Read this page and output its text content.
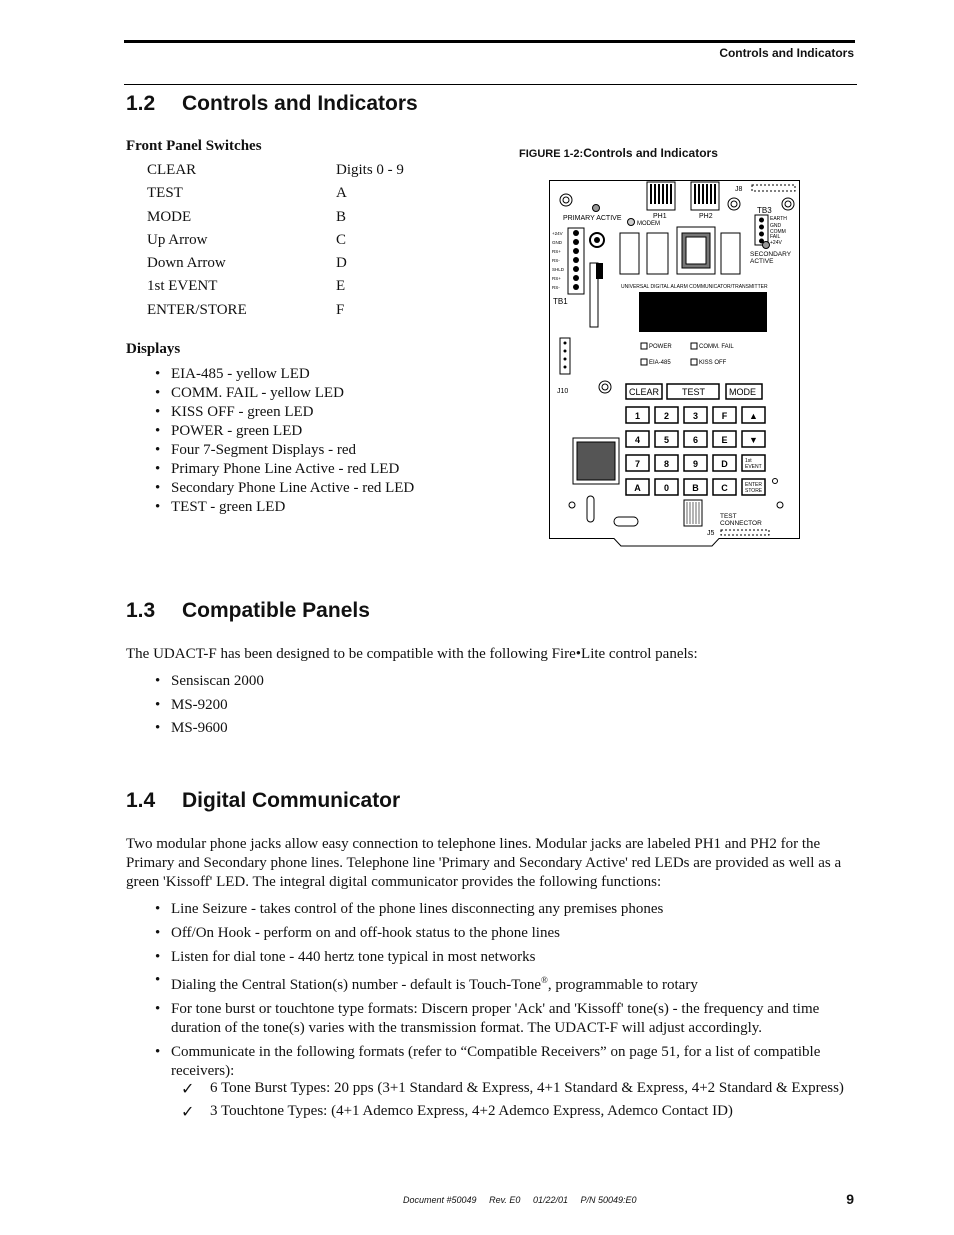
Controls and Indicators
1.2 Controls and Indicators
Front Panel Switches
CLEAR	Digits 0 - 9
TEST	A
MODE	B
Up Arrow	C
Down Arrow	D
1st EVENT	E
ENTER/STORE	F
Displays
• EIA-485 - yellow LED
• COMM. FAIL - yellow LED
• KISS OFF - green LED
• POWER - green LED
• Four 7-Segment Displays - red
• Primary Phone Line Active - red LED
• Secondary Phone Line Active - red LED
• TEST - green LED
FIGURE 1-2:Controls and Indicators
PRIMARY ACTIVE	PH1	PH2
J8
TB3
EARTH
GND
COMM
FAIL
+24V
MODEM
SECONDARY
ACTIVE
+24V
GND
RS+
RS-
SHLD
RS+
RS-
TB1
J10
UNIVERSAL DIGITAL ALARM COMMUNICATOR/TRANSMITTER
POWER	COMM. FAIL
EIA-485	KISS OFF
CLEAR	TEST	MODE
1	2	3	F ▲
4	5	6	E ▼
7	8	9	D	1st
EVENT
A	0	B	C	ENTER
STORE
TEST
CONNECTOR
J5
1.3 Compatible Panels

The UDACT-F has been designed to be compatible with the following Fire•Lite control panels:

• Sensiscan 2000
• MS-9200
• MS-9600
1.4 Digital Communicator

Two modular phone jacks allow easy connection to telephone lines. Modular jacks are labeled PH1 and PH2 for the Primary and Secondary phone lines. Telephone line 'Primary and Secondary Active' red LEDs are provided as well as a green 'Kissoff' LED. The integral digital communicator provides the following functions:

• Line Seizure - takes control of the phone lines disconnecting any premises phones
• Off/On Hook - perform on and off-hook status to the phone lines
• Listen for dial tone - 440 hertz tone typical in most networks
• Dialing the Central Station(s) number - default is Touch-Tone®, programmable to rotary
• For tone burst or touchtone type formats: Discern proper 'Ack' and 'Kissoff' tone(s) - the frequency and time duration of the tone(s) varies with the transmission format. The UDACT-F will adjust accordingly.
• Communicate in the following formats (refer to “Compatible Receivers” on page 51, for a list of compatible receivers):
✓ 6 Tone Burst Types: 20 pps (3+1 Standard & Express, 4+1 Standard & Express, 4+2 Standard & Express)
✓ 3 Touchtone Types: (4+1 Ademco Express, 4+2 Ademco Express, Ademco Contact ID)
Document #50049 Rev. E0 01/22/01 P/N 50049:E0	9
